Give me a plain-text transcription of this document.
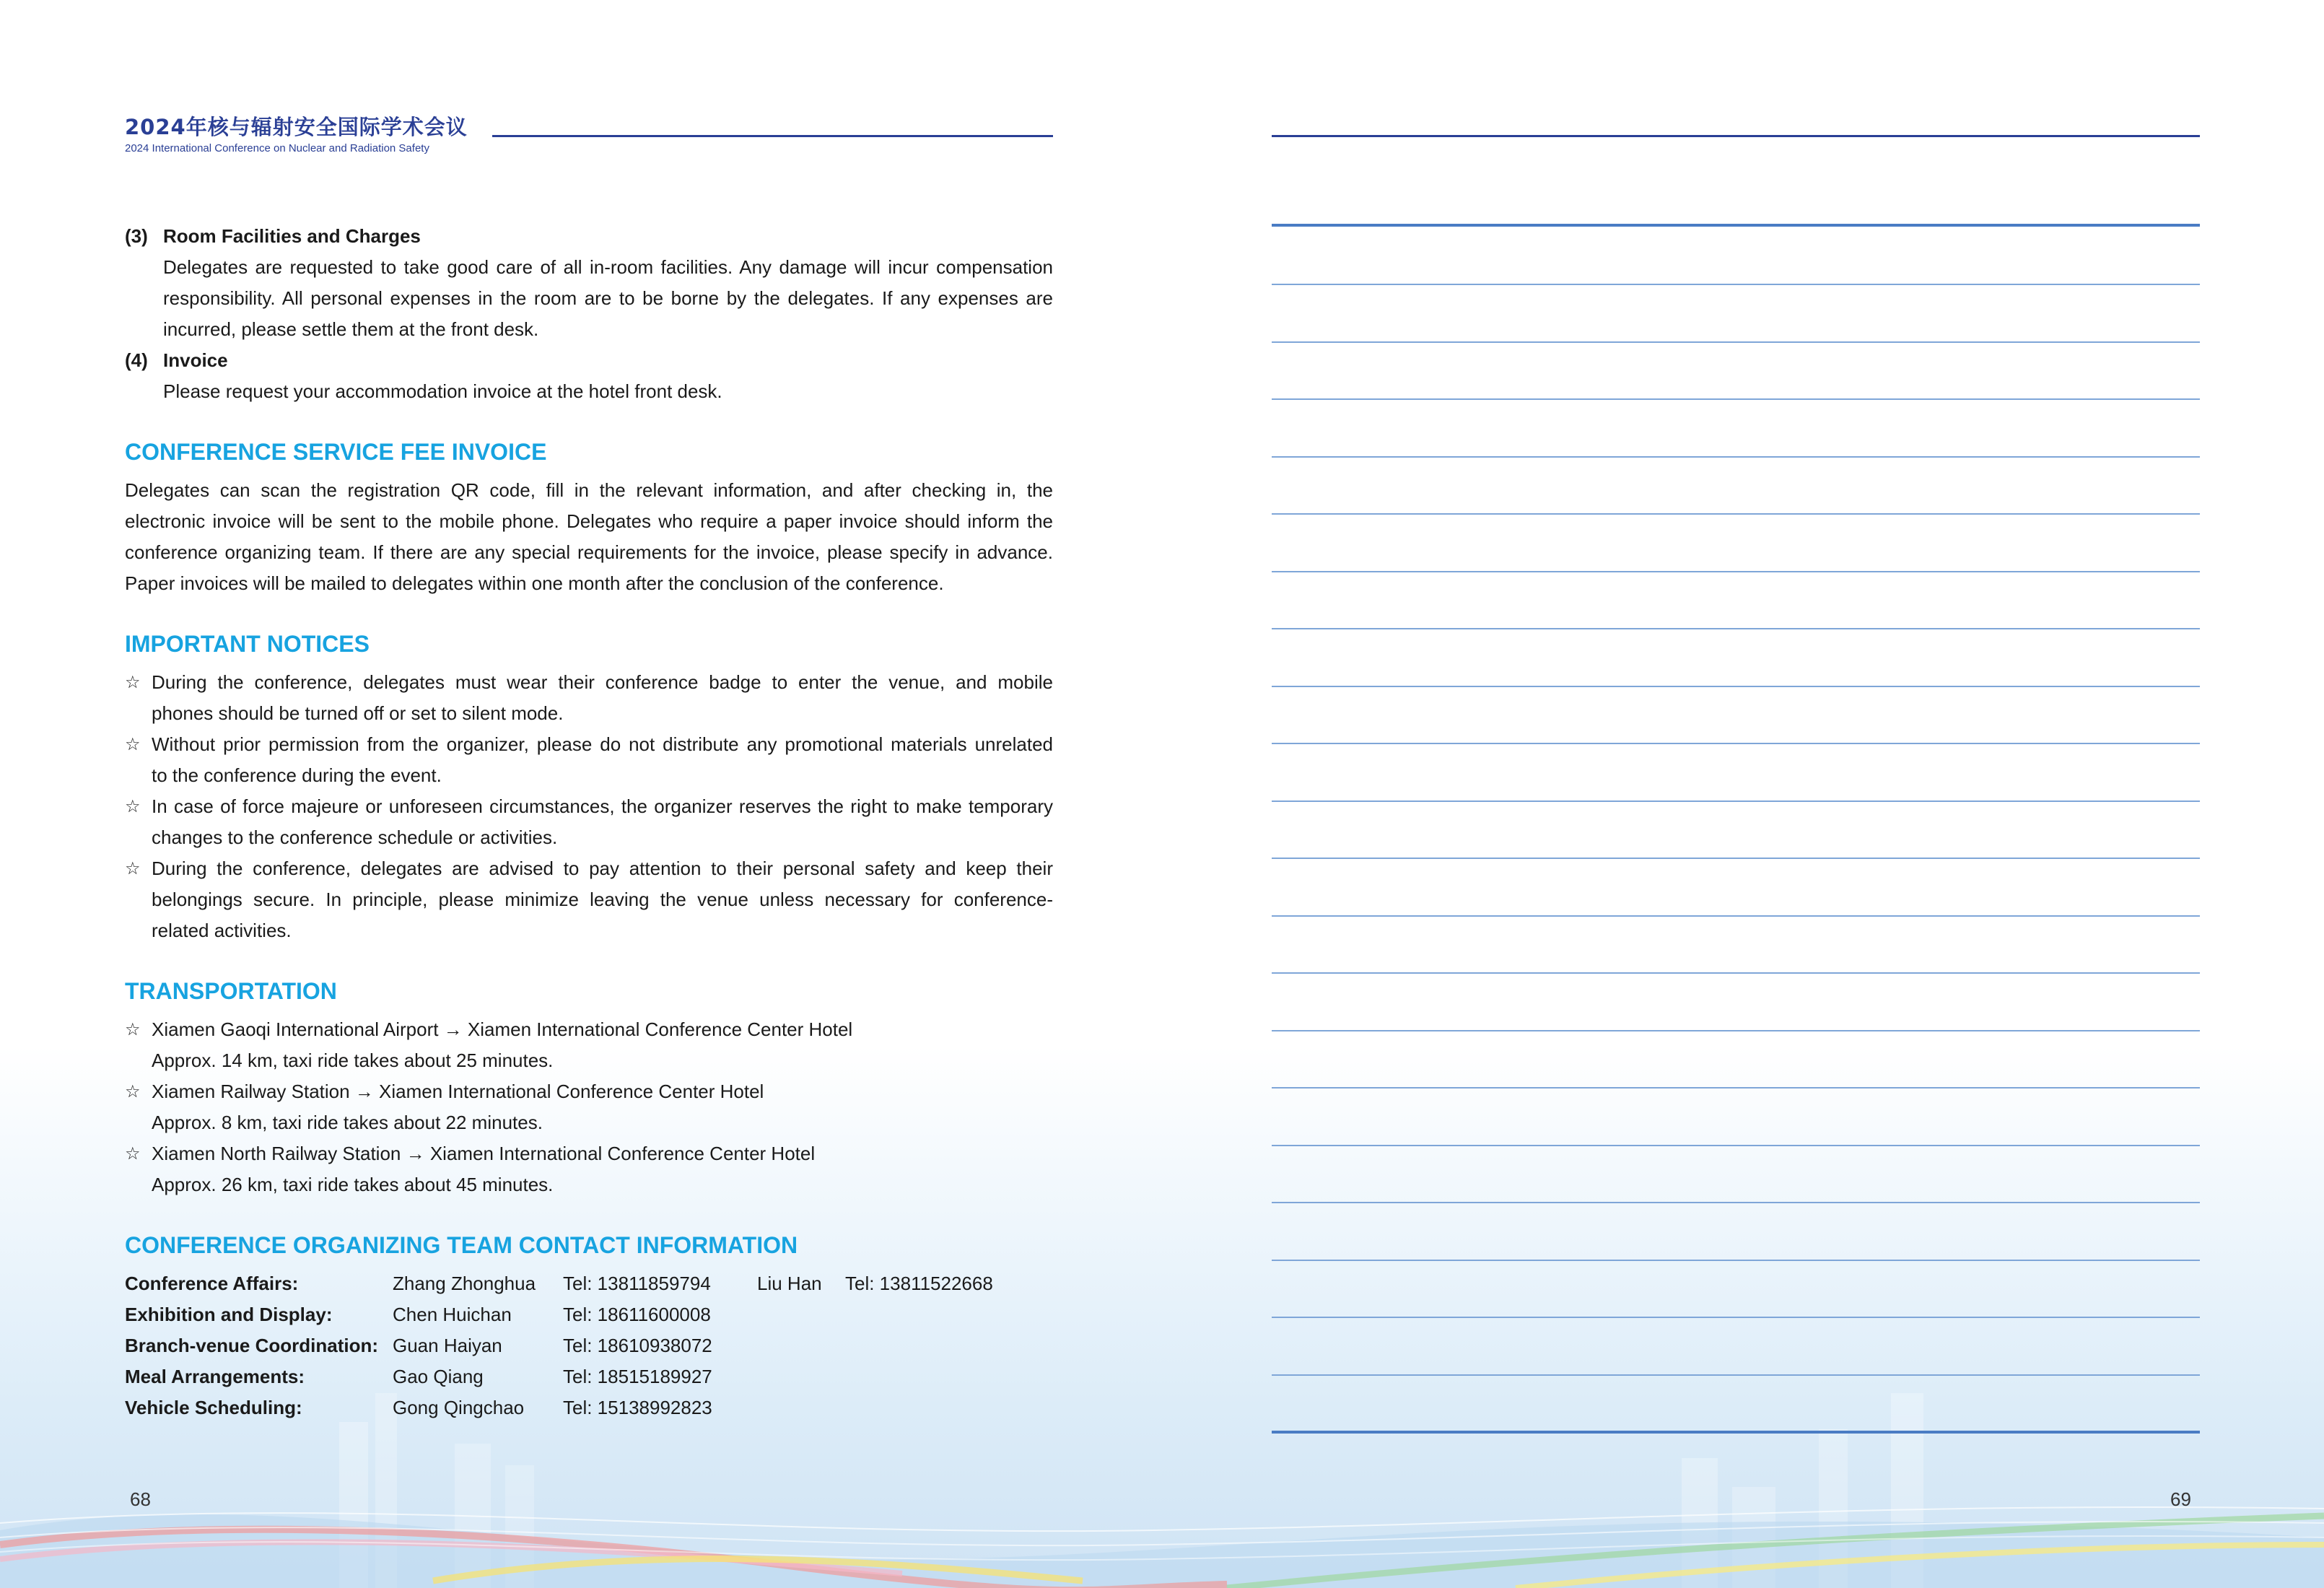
2024年核与辐射安全国际学术会议
2024 International Conference on Nuclear and Radiation Safety
(3) Room Facilities and Charges
Delegates are requested to take good care of all in-room facilities. Any damage will incur compensation
responsibility. All personal expenses in the room are to be borne by the delegates. If any expenses are
incurred, please settle them at the front desk.
(4) Invoice
Please request your accommodation invoice at the hotel front desk.
CONFERENCE SERVICE FEE INVOICE
Delegates can scan the registration QR code, fill in the relevant information, and after checking in, the
electronic invoice will be sent to the mobile phone. Delegates who require a paper invoice should inform the
conference organizing team. If there are any special requirements for the invoice, please specify in advance.
Paper invoices will be mailed to delegates within one month after the conclusion of the conference.
IMPORTANT NOTICES
☆ During the conference, delegates must wear their conference badge to enter the venue, and mobile
phones should be turned off or set to silent mode.
☆ Without prior permission from the organizer, please do not distribute any promotional materials unrelated
to the conference during the event.
☆ In case of force majeure or unforeseen circumstances, the organizer reserves the right to make temporary
changes to the conference schedule or activities.
☆ During the conference, delegates are advised to pay attention to their personal safety and keep their
belongings secure. In principle, please minimize leaving the venue unless necessary for conference-
related activities.
TRANSPORTATION
☆ Xiamen Gaoqi International Airport → Xiamen International Conference Center Hotel
Approx. 14 km, taxi ride takes about 25 minutes.
☆ Xiamen Railway Station → Xiamen International Conference Center Hotel
Approx. 8 km, taxi ride takes about 22 minutes.
☆ Xiamen North Railway Station → Xiamen International Conference Center Hotel
Approx. 26 km, taxi ride takes about 45 minutes.
CONFERENCE ORGANIZING TEAM CONTACT INFORMATION
Conference Affairs:	Zhang Zhonghua	Tel: 13811859794	Liu Han	Tel: 13811522668
Exhibition and Display:	Chen Huichan	Tel: 18611600008
Branch-venue Coordination: Guan Haiyan	Tel: 18610938072
Meal Arrangements:	Gao Qiang	Tel: 18515189927
Vehicle Scheduling:	Gong Qingchao	Tel: 15138992823
68	69
